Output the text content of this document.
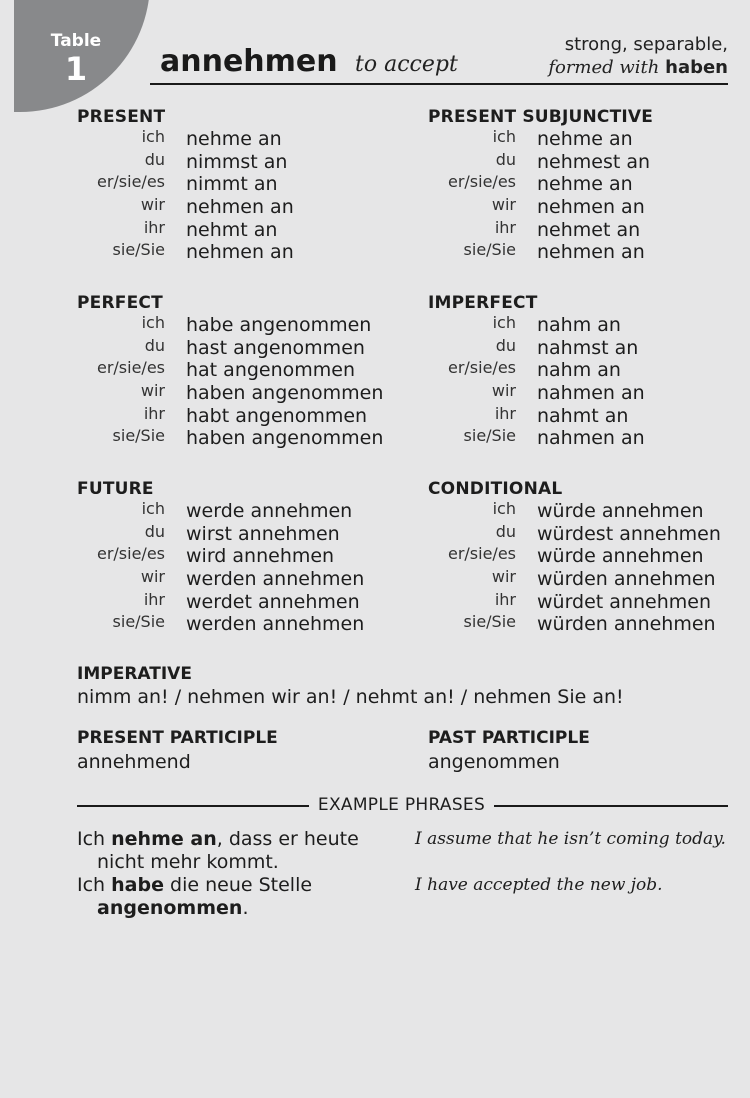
Table
1	annehmen to accept
strong, separable,
formed with haben
PRESENT
ich nehme an
du nimmst an
er/sie/es nimmt an
wir nehmen an
ihr nehmt an
sie/Sie nehmen an
PRESENT SUBJUNCTIVE
ich nehme an
du nehmest an
er/sie/es nehme an
wir nehmen an
ihr nehmet an
sie/Sie nehmen an
PERFECT
ich habe angenommen
du hast angenommen
er/sie/es hat angenommen
wir haben angenommen
ihr habt angenommen
sie/Sie haben angenommen
IMPERFECT
ich nahm an
du nahmst an
er/sie/es nahm an
wir nahmen an
ihr nahmt an
sie/Sie nahmen an
FUTURE
ich werde annehmen
du wirst annehmen
er/sie/es wird annehmen
wir werden annehmen
ihr werdet annehmen
sie/Sie werden annehmen
CONDITIONAL
ich würde annehmen
du würdest annehmen
er/sie/es würde annehmen
wir würden annehmen
ihr würdet annehmen
sie/Sie würden annehmen
IMPERATIVE
nimm an! / nehmen wir an! / nehmt an! / nehmen Sie an!
PRESENT PARTICIPLE
annehmend
PAST PARTICIPLE
angenommen
EXAMPLE PHRASES
Ich nehme an, dass er heute
nicht mehr kommt.
I assume that he isn’t coming today.
Ich habe die neue Stelle
angenommen.
I have accepted the new job.
